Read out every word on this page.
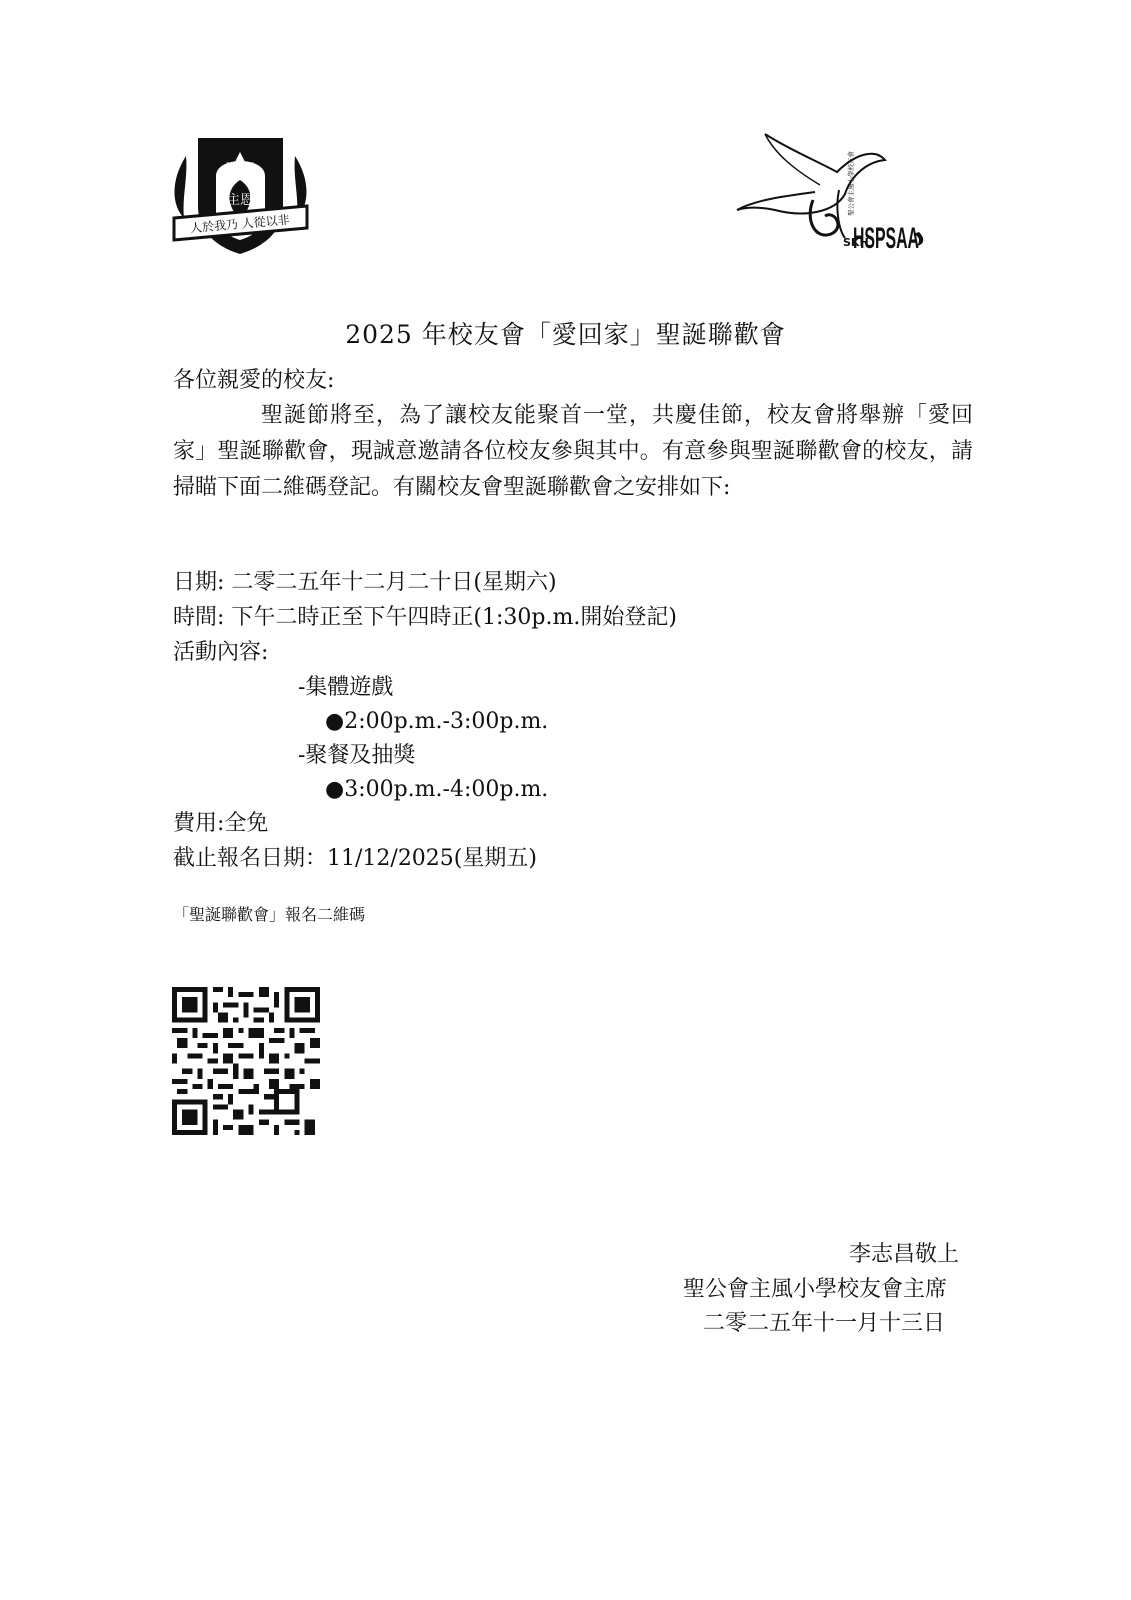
主恩
人於我乃 人從以非
SKH
HSPSAA
聖公會主風小學校友會
2025 年校友會「愛回家」聖誕聯歡會
各位親愛的校友:
聖誕節將至，為了讓校友能聚首一堂，共慶佳節，校友會將舉辦「愛回家」聖誕聯歡會，現誠意邀請各位校友參與其中。有意參與聖誕聯歡會的校友，請掃瞄下面二維碼登記。有關校友會聖誕聯歡會之安排如下:
日期: 二零二五年十二月二十日(星期六)
時間: 下午二時正至下午四時正(1:30p.m.開始登記)
活動內容:
-集體遊戲
●2:00p.m.-3:00p.m.
-聚餐及抽獎
●3:00p.m.-4:00p.m.
費用:全免
截止報名日期：11/12/2025(星期五)
「聖誕聯歡會」報名二維碼
李志昌敬上
聖公會主風小學校友會主席
二零二五年十一月十三日
